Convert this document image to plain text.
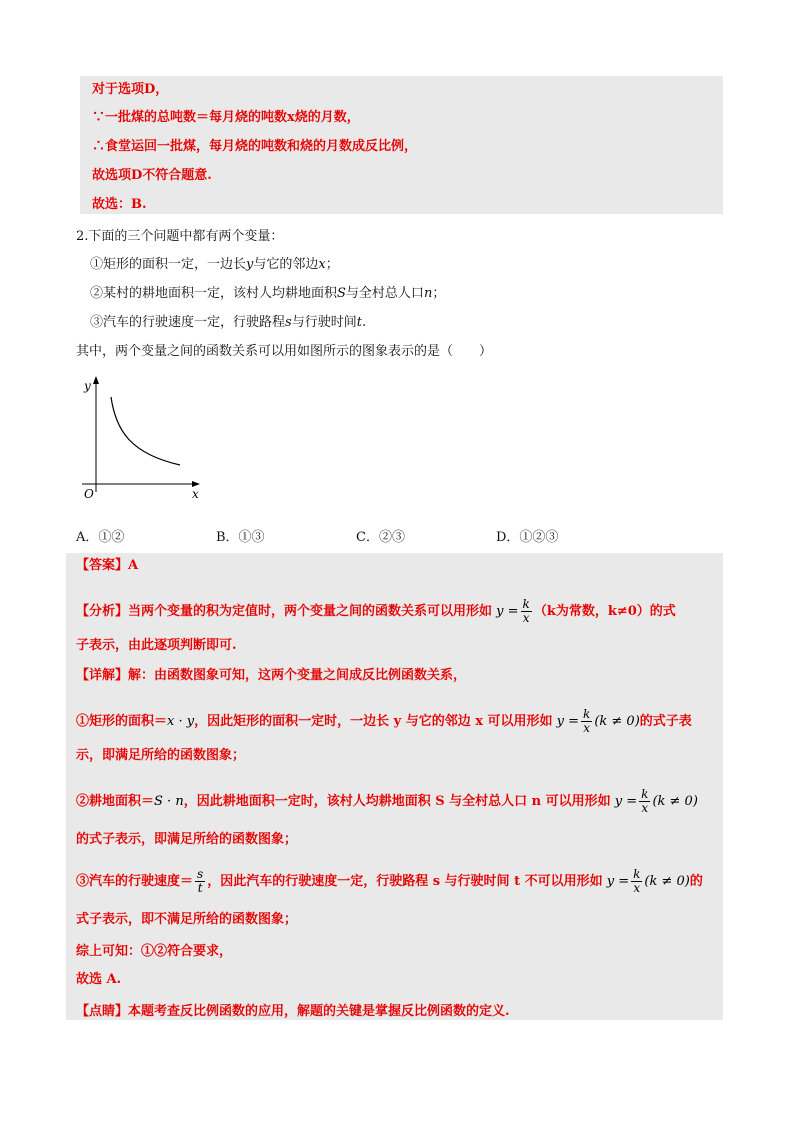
对于选项D，
∵一批煤的总吨数＝每月烧的吨数x烧的月数，
∴食堂运回一批煤，每月烧的吨数和烧的月数成反比例，
故选项D不符合题意.
故选：B.
2.下面的三个问题中都有两个变量：
①矩形的面积一定，一边长y与它的邻边x；
②某村的耕地面积一定，该村人均耕地面积S与全村总人口n；
③汽车的行驶速度一定，行驶路程s与行驶时间t.
其中，两个变量之间的函数关系可以用如图所示的图象表示的是（　　）
y
x
O
A．①②	B．①③	C．②③	D．①②③
【答案】A
【分析】当两个变量的积为定值时，两个变量之间的函数关系可以用形如 $y = \frac{k}{x} (k$为常数，k≠0）的式
子表示，由此逐项判断即可.
【详解】解：由函数图象可知，这两个变量之间成反比例函数关系，
①矩形的面积＝x · y，因此矩形的面积一定时，一边长 y 与它的邻边 x 可以用形如 $y = \frac{k}{x} (k \ne 0)$的式子表
示，即满足所给的函数图象；
②耕地面积＝S · n，因此耕地面积一定时，该村人均耕地面积 S 与全村总人口 n 可以用形如 $y = \frac{k}{x} (k \ne 0)$
的式子表示，即满足所给的函数图象；
③汽车的行驶速度＝ $\frac{s}{t}$ ，因此汽车的行驶速度一定，行驶路程 s 与行驶时间 t 不可以用形如 $y = \frac{k}{x} (k \ne 0)$的
式子表示，即不满足所给的函数图象；
综上可知：①②符合要求，
故选 A.
【点睛】本题考查反比例函数的应用，解题的关键是掌握反比例函数的定义.
